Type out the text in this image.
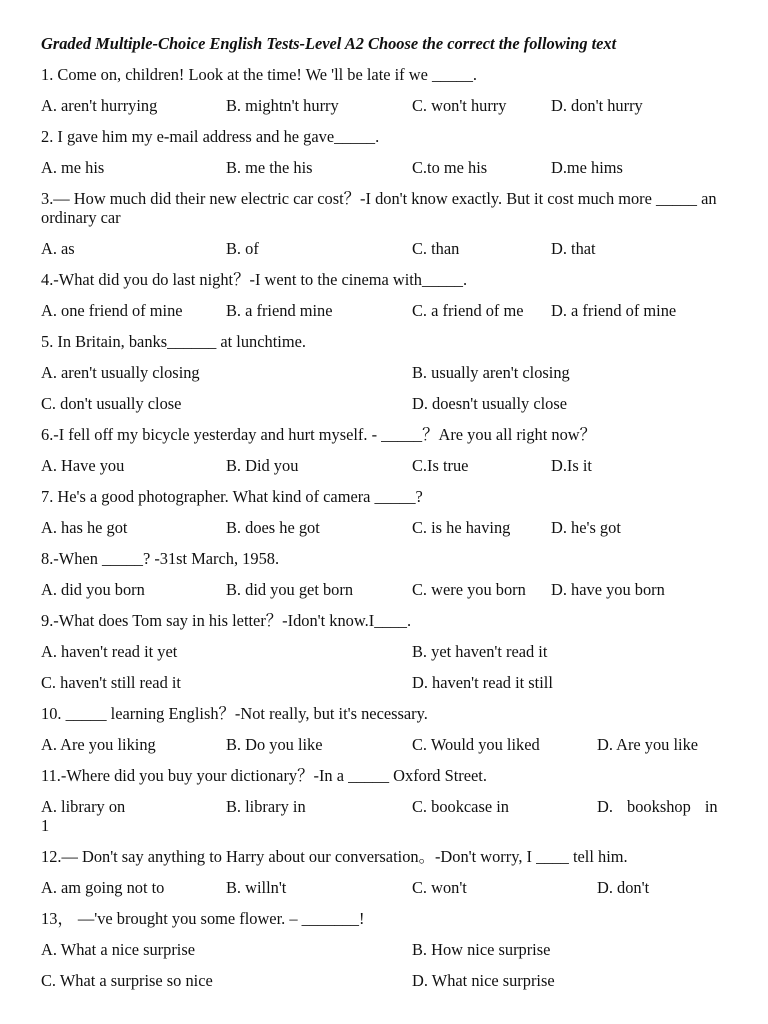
Graded Multiple-Choice English Tests-Level A2 Choose the correct the following text
1. Come on, children! Look at the time! We 'll be late if we _____.
A. aren't hurrying	B. mightn't hurry	C. won't hurry	D. don't hurry
2. I gave him my e-mail address and he gave_____.
A. me his	B. me the his	C.to me his	D.me hims
3.— How much did their new electric car cost？-I don't know exactly. But it cost much more _____ an ordinary car
A. as	B. of	C. than	D. that
4.-What did you do last night？-I went to the cinema with_____.
A. one friend of mine	B. a friend mine	C. a friend of me	D. a friend of mine
5. In Britain, banks______ at lunchtime.
A. aren't usually closing	B. usually aren't closing
C. don't usually close	D. doesn't usually close
6.-I fell off my bicycle yesterday and hurt myself. - _____？Are you all right now？
A. Have you	B. Did you	C.Is true	D.Is it
7. He's a good photographer. What kind of camera _____?
A. has he got	B. does he got	C. is he having	D. he's got
8.-When _____? -31st March, 1958.
A. did you born	B. did you get born	C. were you born	D. have you born
9.-What does Tom say in his letter？-Idon't know.I____.
A. haven't read it yet	B. yet haven't read it
C. haven't still read it	D. haven't read it still
10. _____ learning English？-Not really, but it's necessary.
A. Are you liking	B. Do you like	C. Would you liked	D. Are you like
11.-Where did you buy your dictionary？-In a _____ Oxford Street.
A. library on	B. library in	C. bookcase in	D. bookshop in
1
12.— Don't say anything to Harry about our conversation。-Don't worry, I ____ tell him.
A. am going not to	B. willn't	C. won't	D. don't
13， —'ve brought you some flower. – _______!
A. What a nice surprise	B. How nice surprise
C. What a surprise so nice	D. What nice surprise
